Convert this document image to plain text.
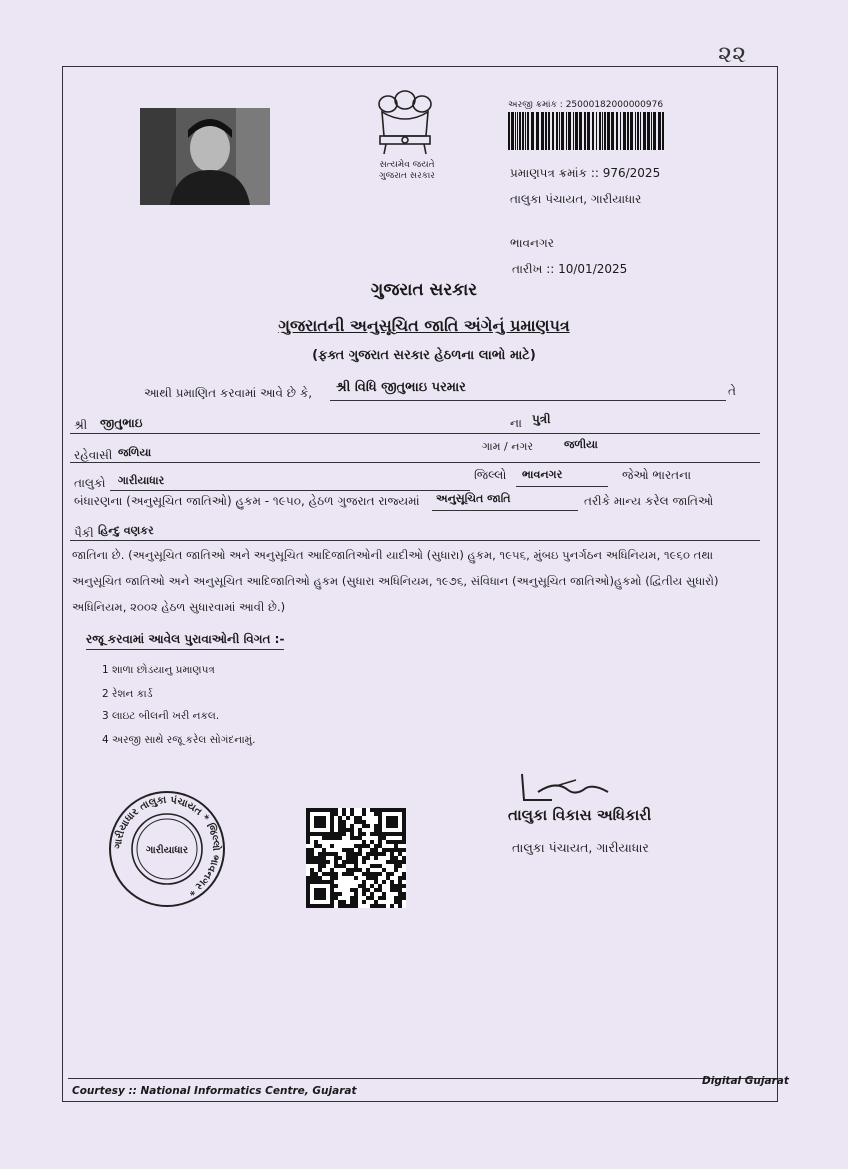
૨૨
સત્યમેવ જયતે
ગુજરાત સરકાર
અરજી ક્રમાંક : 25000182000000976
પ્રમાણપત્ર ક્રમાંક :: 976/2025
તાલુકા પંચાયત, ગારીયાધાર
ભાવનગર
તારીખ :: 10/01/2025
ગુજરાત સરકાર
ગુજરાતની અનુસૂચિત જાતિ અંગેનું પ્રમાણપત્ર
(ફક્ત ગુજરાત સરકાર હેઠળના લાભો માટે)
આથી પ્રમાણિત કરવામાં આવે છે કે, શ્રી વિધિ જીતુભાઇ પરમાર	તે
શ્રી જીતુભાઇ	ના પુત્રી
રહેવાસી જળિયા	ગામ / નગર	જળીયા
તાલુકો ગારીયાધાર	જિલ્લો ભાવનગર	જેઓ ભારતના
બંધારણના (અનુસૂચિત જાતિઓ) હુકમ - ૧૯૫૦, હેઠળ ગુજરાત રાજ્યમાં અનુસૂચિત જાતિ	તરીકે માન્ય કરેલ જાતિઓ
પૈકી હિન્દુ વણકર
જાતિના છે. (અનુસૂચિત જાતિઓ અને અનુસૂચિત આદિજાતિઓની યાદીઓ (સુધારા) હુકમ, ૧૯૫૬, મુંબઇ પુનર્ગઠન અધિનિયમ, ૧૯૬૦ તથા
અનુસૂચિત જાતિઓ અને અનુસૂચિત આદિજાતિઓ હુકમ (સુધારા અધિનિયમ, ૧૯૭૬, સંવિધાન (અનુસૂચિત જાતિઓ)હુકમો (દ્વિતીય સુધારો)
અધિનિયમ, ૨૦૦૨ હેઠળ સુધારવામાં આવી છે.)
રજૂ કરવામાં આવેલ પુરાવાઓની વિગત :-
1 શાળા છોડયાનુ પ્રમાણપત્ર
2 રેશન કાર્ડ
3 લાઇટ બીલની ખરી નકલ.
4 અરજી સાથે રજૂ કરેલ સોગંદનામું.
ગારીયાધાર તાલુકા પંચાયત * જિલ્લો ભાવનગર *
ગારીયાધાર
તાલુકા વિકાસ અધિકારી
તાલુકા પંચાયત, ગારીયાધાર
Courtesy :: National Informatics Centre, Gujarat
Digital Gujarat
